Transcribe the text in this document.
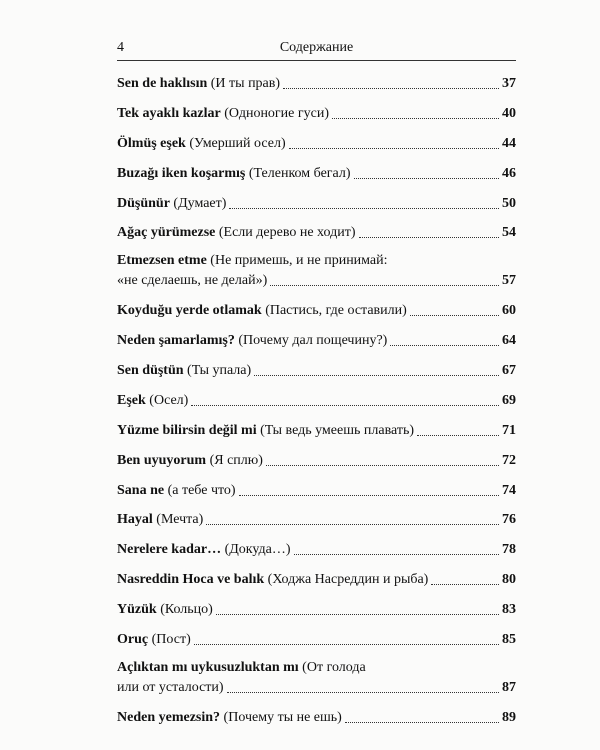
4	Содержание
Sen de haklısın (И ты прав)	37
Tek ayaklı kazlar (Одноногие гуси)	40
Ölmüş eşek (Умерший осел)	44
Buzağı iken koşarmış (Теленком бегал)	46
Düşünür (Думает)	50
Ağaç yürümezse (Если дерево не ходит)	54
Etmezsen etme (Не примешь, и не принимай:
«не сделаешь, не делай»)	57
Koyduğu yerde otlamak (Пастись, где оставили)	60
Neden şamarlamış? (Почему дал пощечину?)	64
Sen düştün (Ты упала)	67
Eşek (Осел)	69
Yüzme bilirsin değil mi (Ты ведь умеешь плавать)	71
Ben uyuyorum (Я сплю)	72
Sana ne (а тебе что)	74
Hayal (Мечта)	76
Nerelere kadar… (Докуда…)	78
Nasreddin Hoca ve balık (Ходжа Насреддин и рыба)	80
Yüzük (Кольцо)	83
Oruç (Пост)	85
Açlıktan mı uykusuzluktan mı (От голода
или от усталости)	87
Neden yemezsin? (Почему ты не ешь)	89
